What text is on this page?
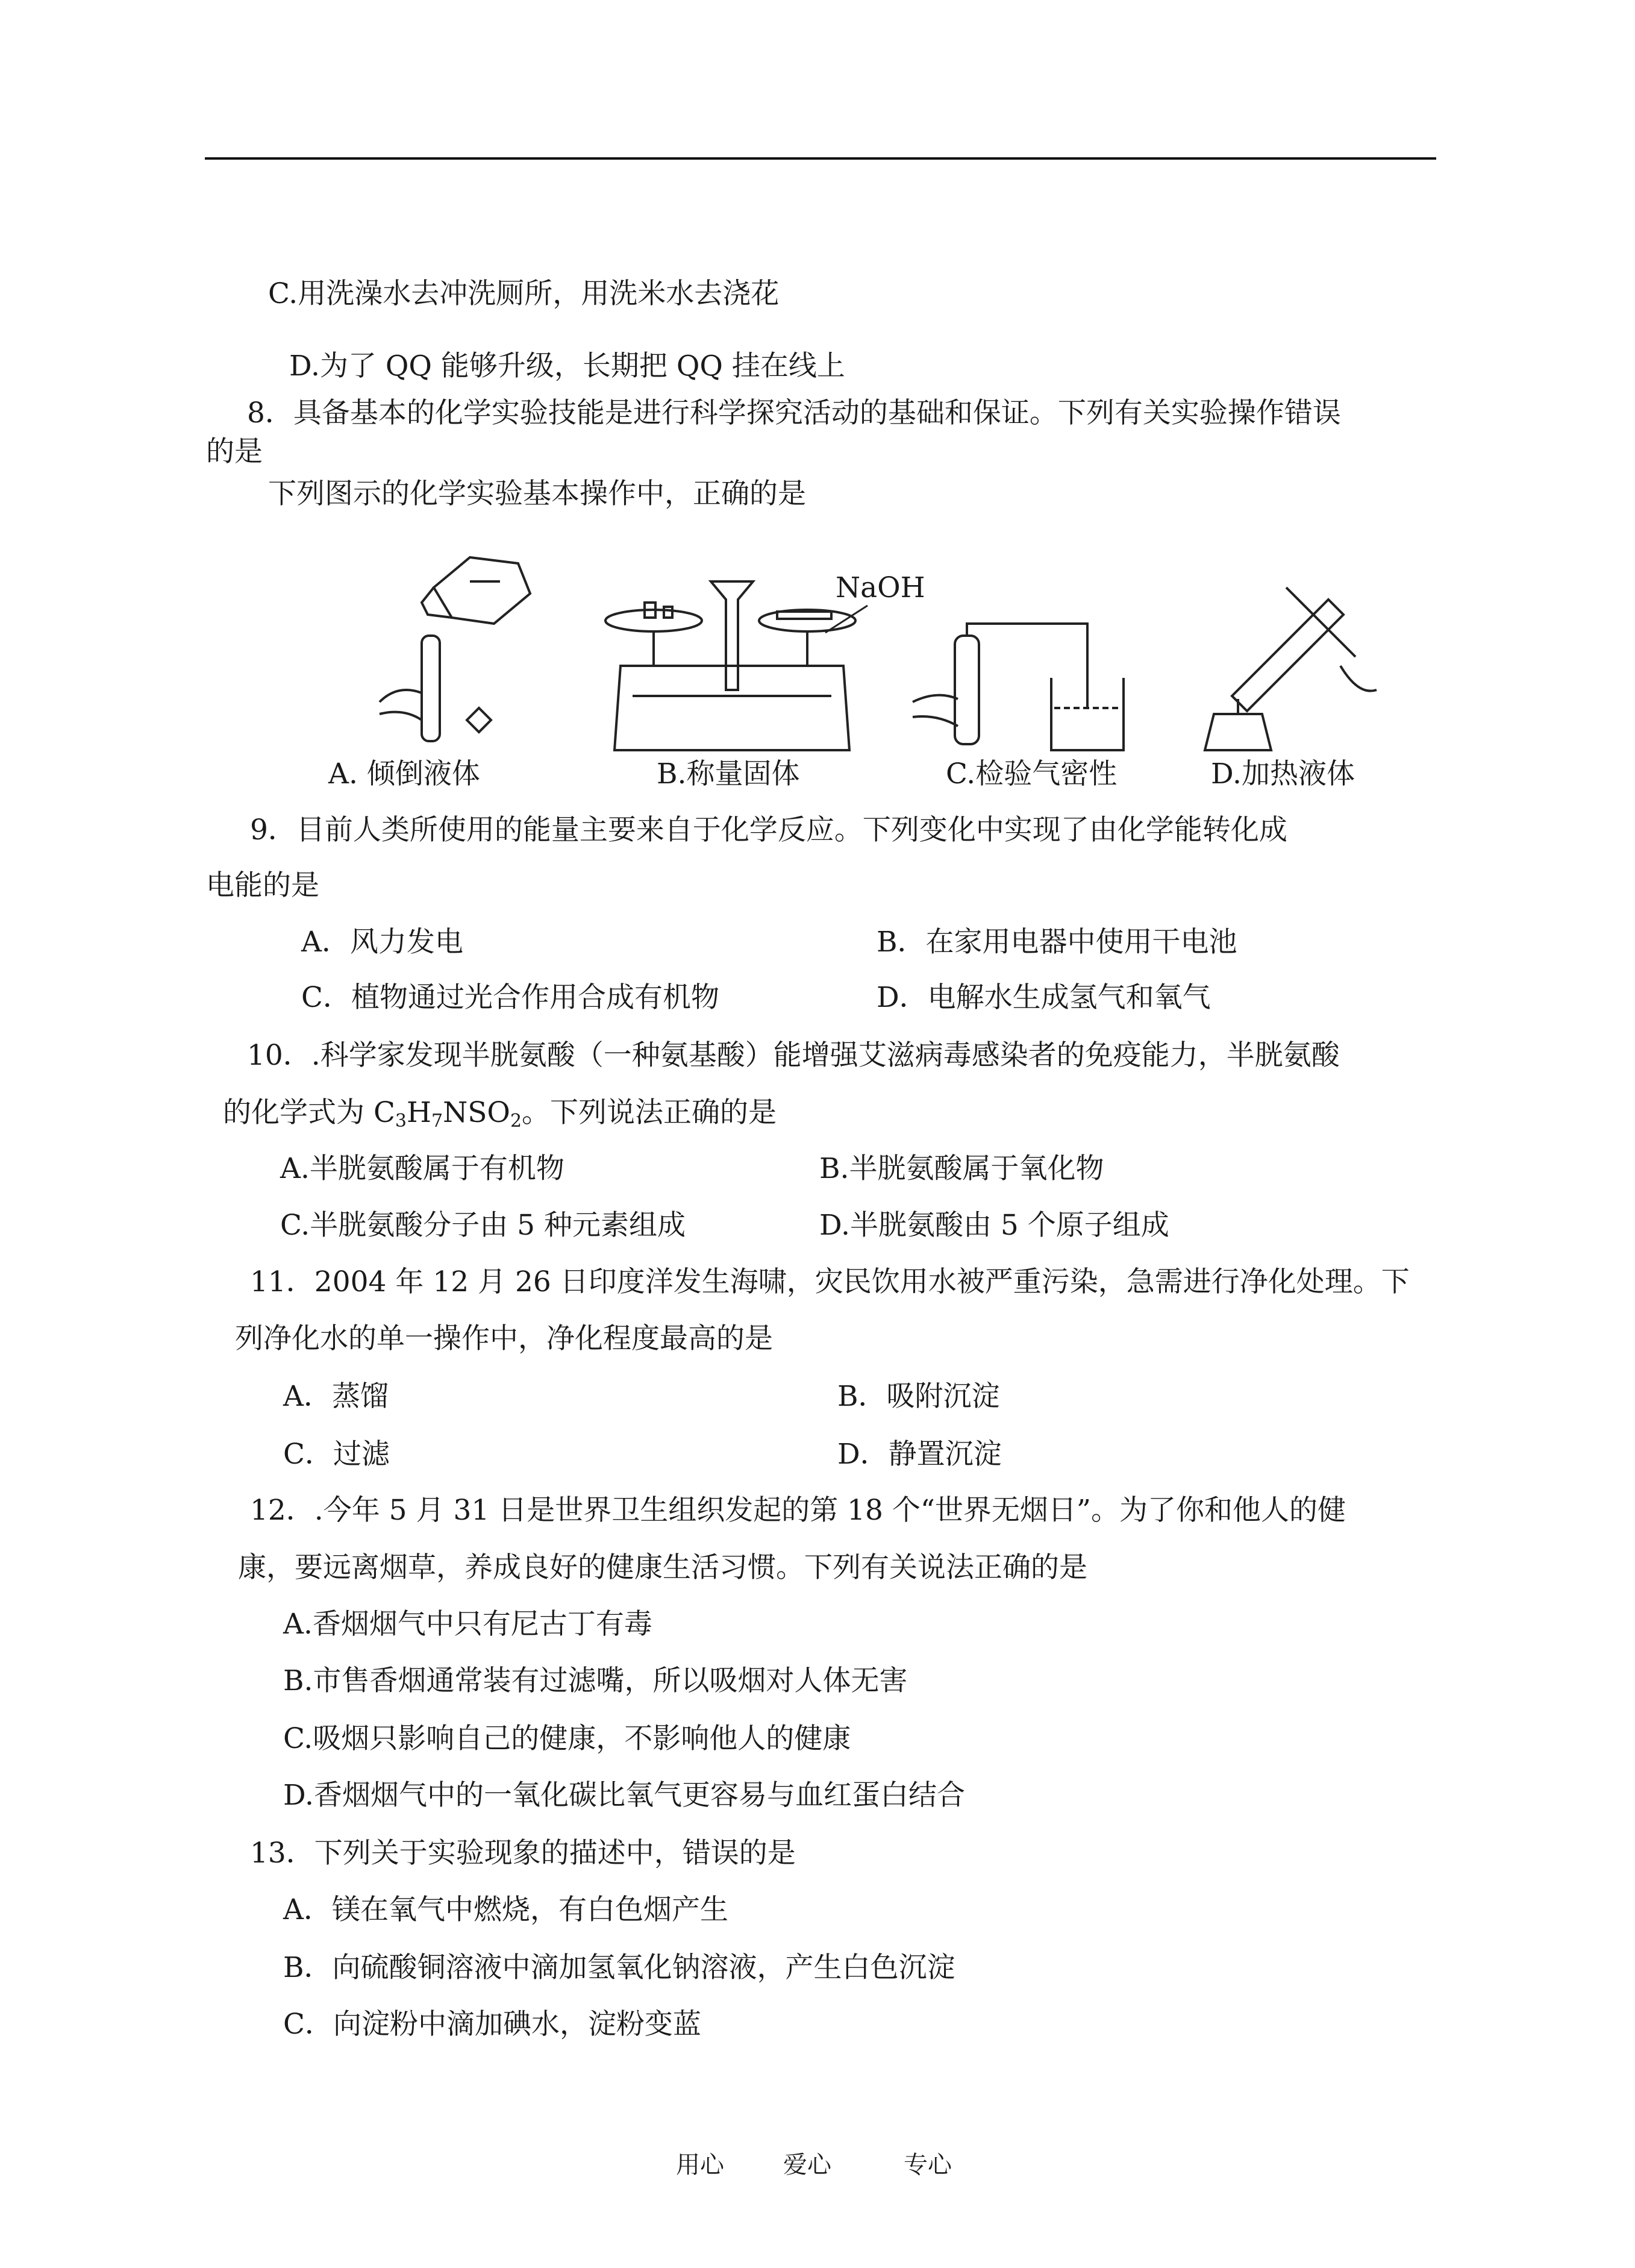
C.用洗澡水去冲洗厕所，用洗米水去浇花
D.为了 QQ 能够升级，长期把 QQ 挂在线上
8．具备基本的化学实验技能是进行科学探究活动的基础和保证。下列有关实验操作错误
的是
下列图示的化学实验基本操作中，正确的是
NaOH
A. 倾倒液体	B.称量固体	C.检验气密性	D.加热液体
9．目前人类所使用的能量主要来自于化学反应。下列变化中实现了由化学能转化成
电能的是
A．风力发电	B．在家用电器中使用干电池
C．植物通过光合作用合成有机物	D．电解水生成氢气和氧气
10．.科学家发现半胱氨酸（一种氨基酸）能增强艾滋病毒感染者的免疫能力，半胱氨酸
的化学式为 $C_3H_7NSO_2$。下列说法正确的是
A.半胱氨酸属于有机物	B.半胱氨酸属于氧化物
C.半胱氨酸分子由 5 种元素组成	D.半胱氨酸由 5 个原子组成
11．2004 年 12 月 26 日印度洋发生海啸，灾民饮用水被严重污染，急需进行净化处理。下
列净化水的单一操作中，净化程度最高的是
A．蒸馏	B．吸附沉淀
C．过滤	D．静置沉淀
12．.今年 5 月 31 日是世界卫生组织发起的第 18 个“世界无烟日”。为了你和他人的健
康，要远离烟草，养成良好的健康生活习惯。下列有关说法正确的是
A.香烟烟气中只有尼古丁有毒
B.市售香烟通常装有过滤嘴，所以吸烟对人体无害
C.吸烟只影响自己的健康，不影响他人的健康
D.香烟烟气中的一氧化碳比氧气更容易与血红蛋白结合
13．下列关于实验现象的描述中，错误的是
A．镁在氧气中燃烧，有白色烟产生
B．向硫酸铜溶液中滴加氢氧化钠溶液，产生白色沉淀
C．向淀粉中滴加碘水，淀粉变蓝
用心 爱心	专心
